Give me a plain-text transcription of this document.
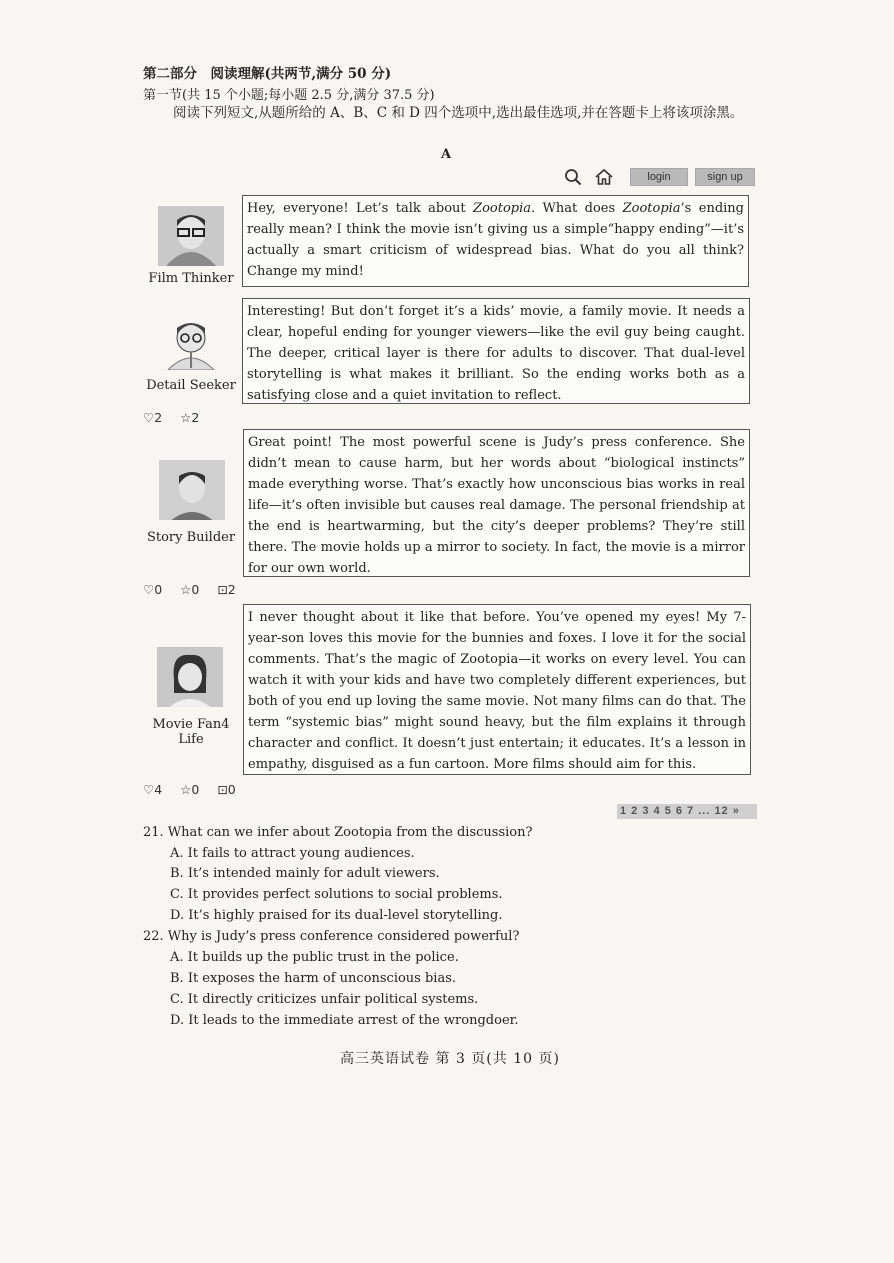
第二部分　阅读理解(共两节,满分 50 分)
第一节(共 15 个小题;每小题 2.5 分,满分 37.5 分)
阅读下列短文,从题所给的 A、B、C 和 D 四个选项中,选出最佳选项,并在答题卡上将该项涂黑。
A
login	sign up
Film Thinker
Hey, everyone! Let’s talk about Zootopia. What does Zootopia’s ending really mean? I think the movie isn’t giving us a simple“happy ending”—it’s actually a smart criticism of widespread bias. What do you all think? Change my mind!
Detail Seeker
Interesting! But don’t forget it’s a kids’ movie, a family movie. It needs a clear, hopeful ending for younger viewers—like the evil guy being caught. The deeper, critical layer is there for adults to discover. That dual-level storytelling is what makes it brilliant. So the ending works both as a satisfying close and a quiet invitation to reflect.
♡2 ☆2
Story Builder
Great point! The most powerful scene is Judy’s press conference. She didn’t mean to cause harm, but her words about “biological instincts” made everything worse. That’s exactly how unconscious bias works in real life—it’s often invisible but causes real damage. The personal friendship at the end is heartwarming, but the city’s deeper problems? They’re still there. The movie holds up a mirror to society. In fact, the movie is a mirror for our own world.
♡0 ☆0 ⊡2
Movie Fan4 Life
I never thought about it like that before. You’ve opened my eyes! My 7-year-son loves this movie for the bunnies and foxes. I love it for the social comments. That’s the magic of Zootopia—it works on every level. You can watch it with your kids and have two completely different experiences, but both of you end up loving the same movie. Not many films can do that. The term “systemic bias” might sound heavy, but the film explains it through character and conflict. It doesn’t just entertain; it educates. It’s a lesson in empathy, disguised as a fun cartoon. More films should aim for this.
♡4 ☆0 ⊡0
1 2 3 4 5 6 7 ... 12 »
21. What can we infer about Zootopia from the discussion?
A. It fails to attract young audiences.
B. It’s intended mainly for adult viewers.
C. It provides perfect solutions to social problems.
D. It’s highly praised for its dual-level storytelling.
22. Why is Judy’s press conference considered powerful?
A. It builds up the public trust in the police.
B. It exposes the harm of unconscious bias.
C. It directly criticizes unfair political systems.
D. It leads to the immediate arrest of the wrongdoer.
高三英语试卷 第 3 页(共 10 页)
